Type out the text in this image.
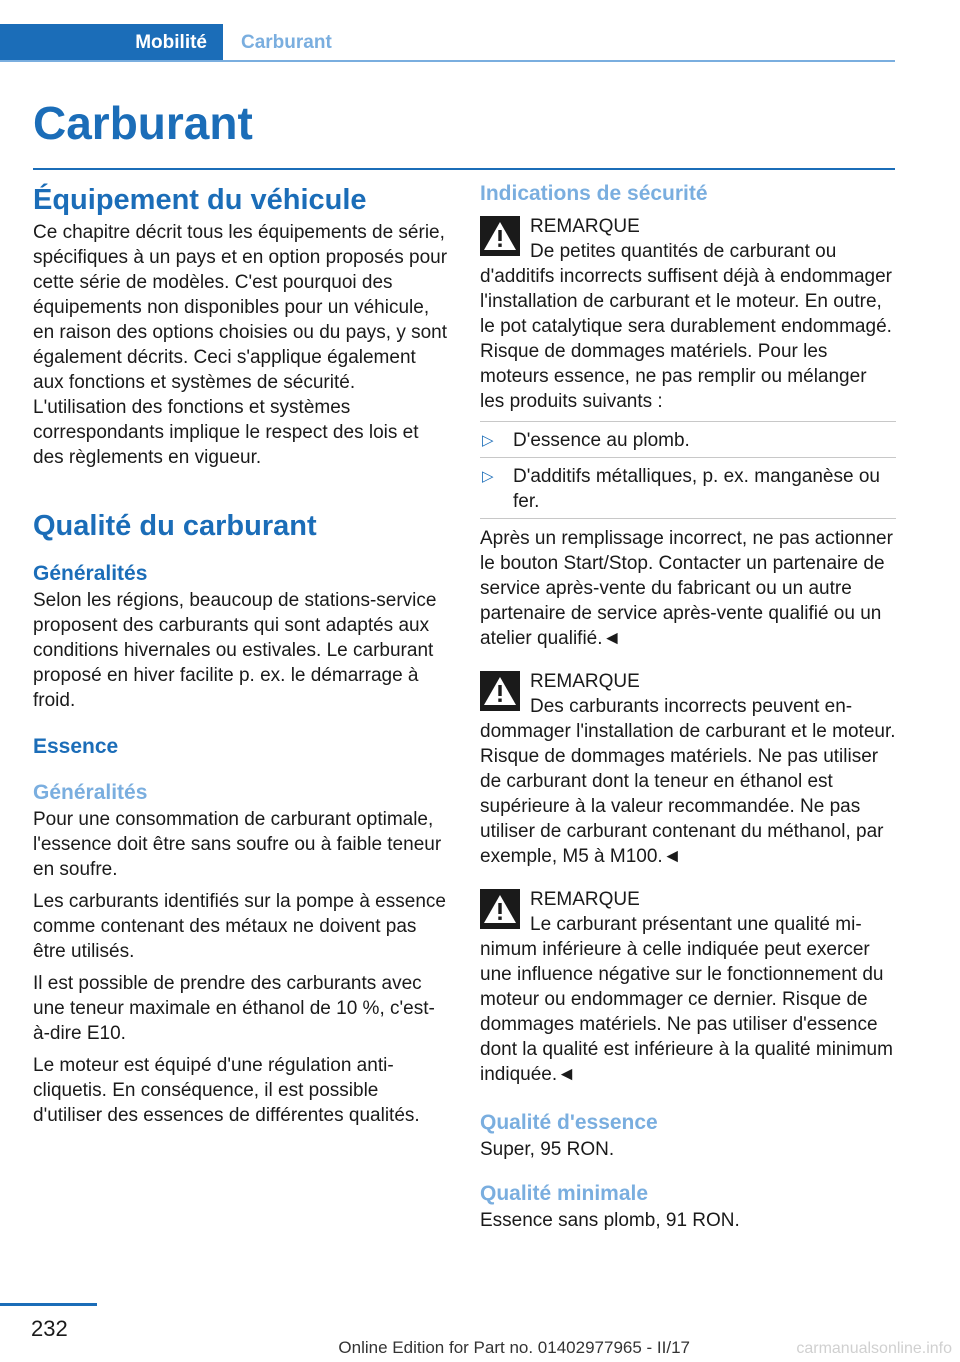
Mobilité	Carburant
Carburant
Équipement du véhicule

Ce chapitre décrit tous les équipements de série, spécifiques à un pays et en option proposés pour cette série de modèles. C'est pourquoi des équipements non disponibles pour un véhicule, en raison des options choisies ou du pays, y sont également décrits. Ceci s'applique également aux fonctions et systèmes de sécurité. L'utilisation des fonctions et systèmes correspondants implique le respect des lois et des règlements en vigueur.

Qualité du carburant
Généralités

Selon les régions, beaucoup de stations-service proposent des carburants qui sont adaptés aux conditions hivernales ou estivales. Le carburant proposé en hiver facilite p. ex. le démarrage à froid.

Essence
Généralités

Pour une consommation de carburant optimale, l'essence doit être sans soufre ou à faible teneur en soufre.

Les carburants identifiés sur la pompe à essence comme contenant des métaux ne doivent pas être utilisés.

Il est possible de prendre des carburants avec une teneur maximale en éthanol de 10 %, c'est-à-dire E10.

Le moteur est équipé d'une régulation anti-cliquetis. En conséquence, il est possible d'utiliser des essences de différentes qualités.

Indications de sécurité
REMARQUE
De petites quantités de carburant ou

d'additifs incorrects suffisent déjà à endommager l'installation de carburant et le moteur. En outre, le pot catalytique sera durablement endommagé. Risque de dommages matériels. Pour les moteurs essence, ne pas remplir ou mélanger les produits suivants :

▷ D'essence au plomb.
▷ D'additifs métalliques, p. ex. manganèse ou fer.

Après un remplissage incorrect, ne pas actionner le bouton Start/Stop. Contacter un partenaire de service après-vente du fabricant ou un autre partenaire de service après-vente qualifié ou un atelier qualifié.◄

REMARQUE
Des carburants incorrects peuvent en-

dommager l'installation de carburant et le moteur. Risque de dommages matériels. Ne pas utiliser de carburant dont la teneur en éthanol est supérieure à la valeur recommandée. Ne pas utiliser de carburant contenant du méthanol, par exemple, M5 à M100.◄

REMARQUE
Le carburant présentant une qualité mi-

nimum inférieure à celle indiquée peut exercer une influence négative sur le fonctionnement du moteur ou endommager ce dernier. Risque de dommages matériels. Ne pas utiliser d'essence dont la qualité est inférieure à la qualité minimum indiquée.◄

Qualité d'essence

Super, 95 RON.

Qualité minimale

Essence sans plomb, 91 RON.

232
Online Edition for Part no. 01402977965 - II/17	carmanualsonline.info
